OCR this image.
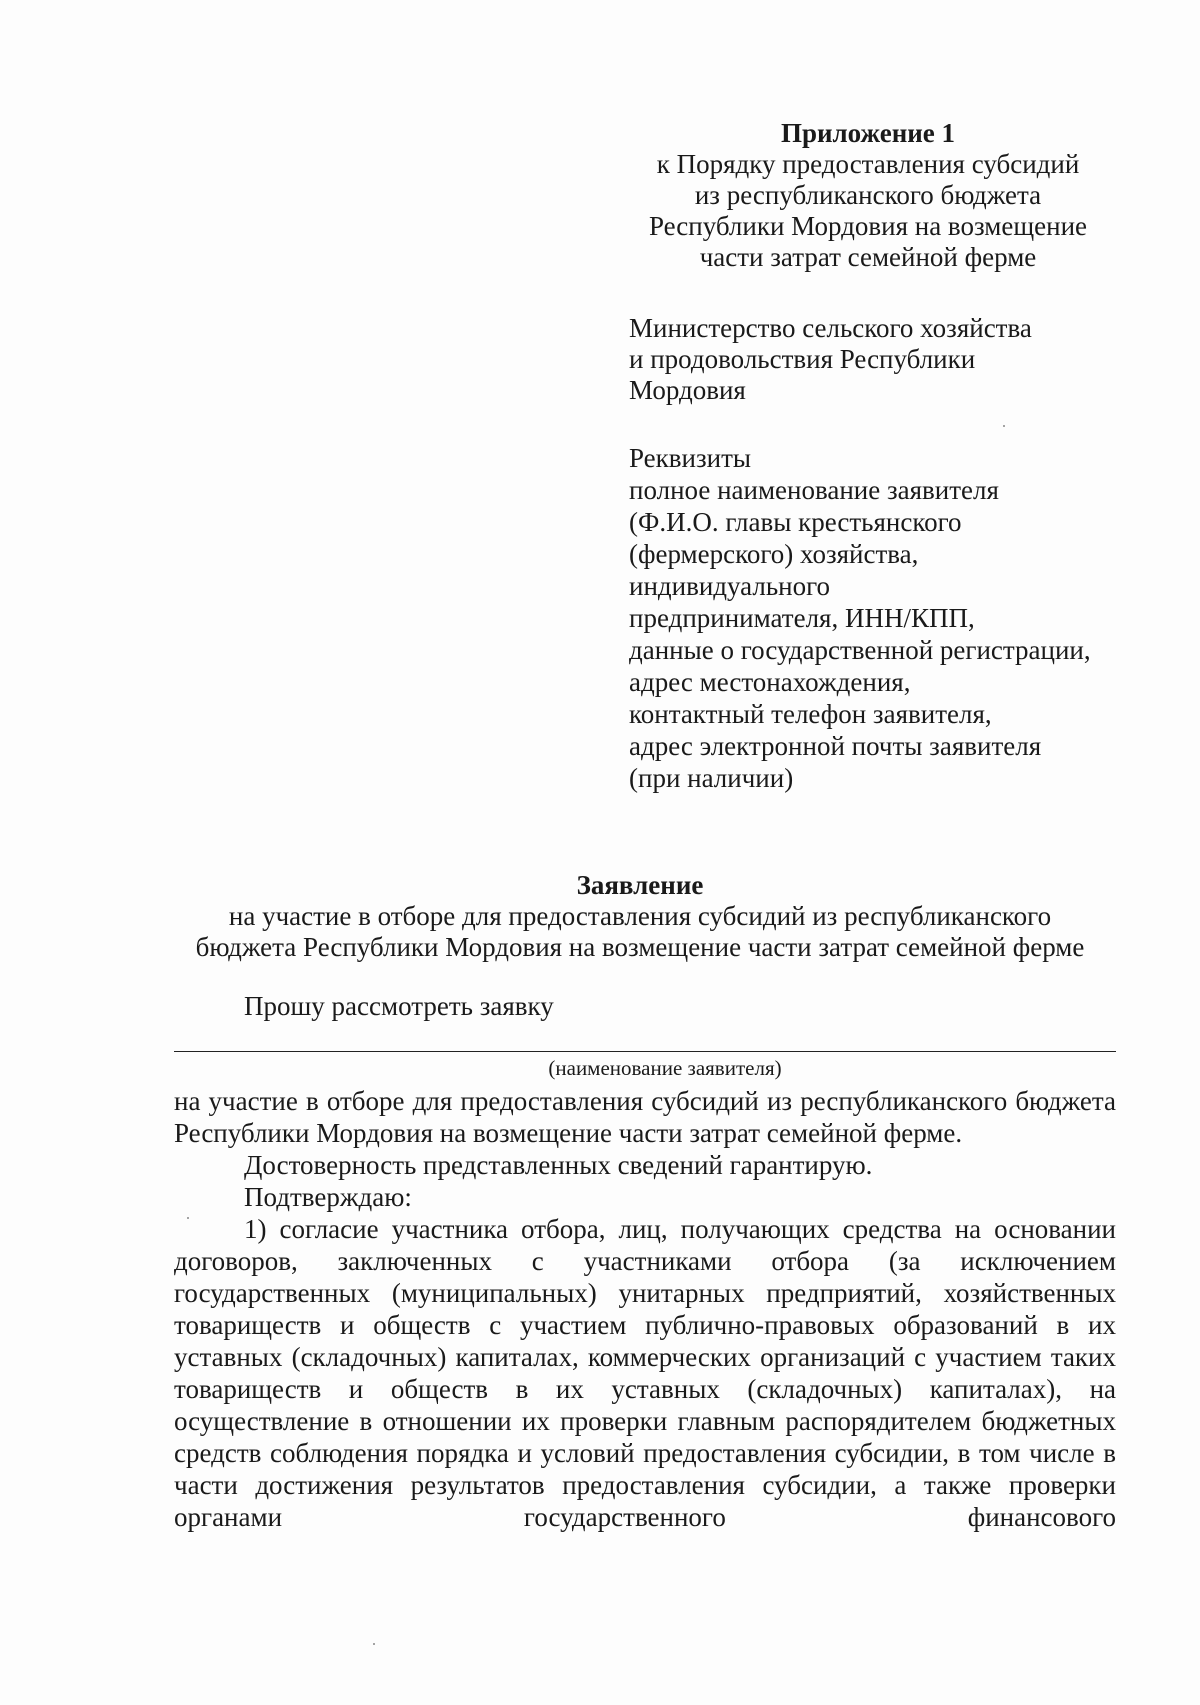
Приложение 1
к Порядку предоставления субсидий
из республиканского бюджета
Республики Мордовия на возмещение
части затрат семейной ферме
Министерство сельского хозяйства
и продовольствия Республики
Мордовия
Реквизиты
полное наименование заявителя
(Ф.И.О. главы крестьянского
(фермерского) хозяйства,
индивидуального
предпринимателя, ИНН/КПП,
данные о государственной регистрации,
адрес местонахождения,
контактный телефон заявителя,
адрес электронной почты заявителя
(при наличии)
Заявление
на участие в отборе для предоставления субсидий из республиканского
бюджета Республики Мордовия на возмещение части затрат семейной ферме
Прошу рассмотреть заявку
(наименование заявителя)

на участие в отборе для предоставления субсидий из республиканского бюджета Республики Мордовия на возмещение части затрат семейной ферме.

Достоверность представленных сведений гарантирую.

Подтверждаю:

1) согласие участника отбора, лиц, получающих средства на основании договоров, заключенных с участниками отбора (за исключением государственных (муниципальных) унитарных предприятий, хозяйственных товариществ и обществ с участием публично-правовых образований в их уставных (складочных) капиталах, коммерческих организаций с участием таких товариществ и обществ в их уставных (складочных) капиталах), на осуществление в отношении их проверки главным распорядителем бюджетных средств соблюдения порядка и условий предоставления субсидии, в том числе в части достижения результатов предоставления субсидии, а также проверки органами государственного финансового
